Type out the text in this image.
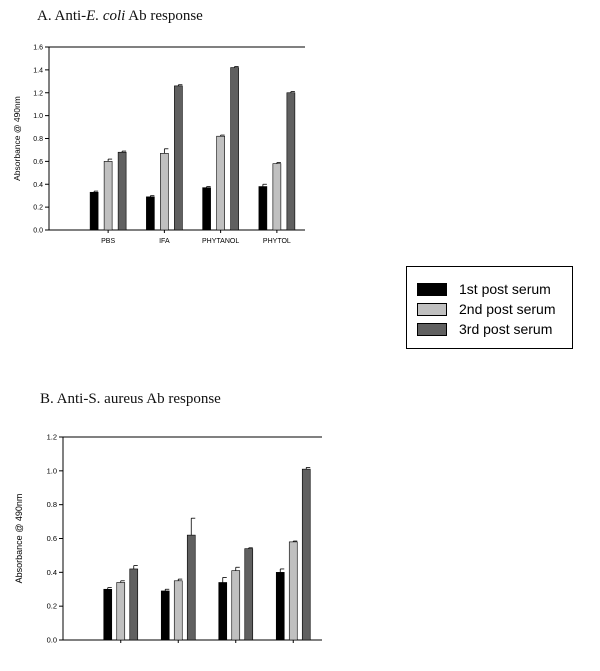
A. Anti-E. coli Ab response
0.0
0.2
0.4
0.6
0.8
1.0
1.2
1.4
1.6
Absorbance @ 490nm
PBS	IFA	PHYTANOL	PHYTOL
1st post serum
2nd post serum
3rd post serum
B. Anti-S. aureus Ab response
0.0
0.2
0.4
0.6
0.8
1.0
1.2
Absorbance @ 490nm
